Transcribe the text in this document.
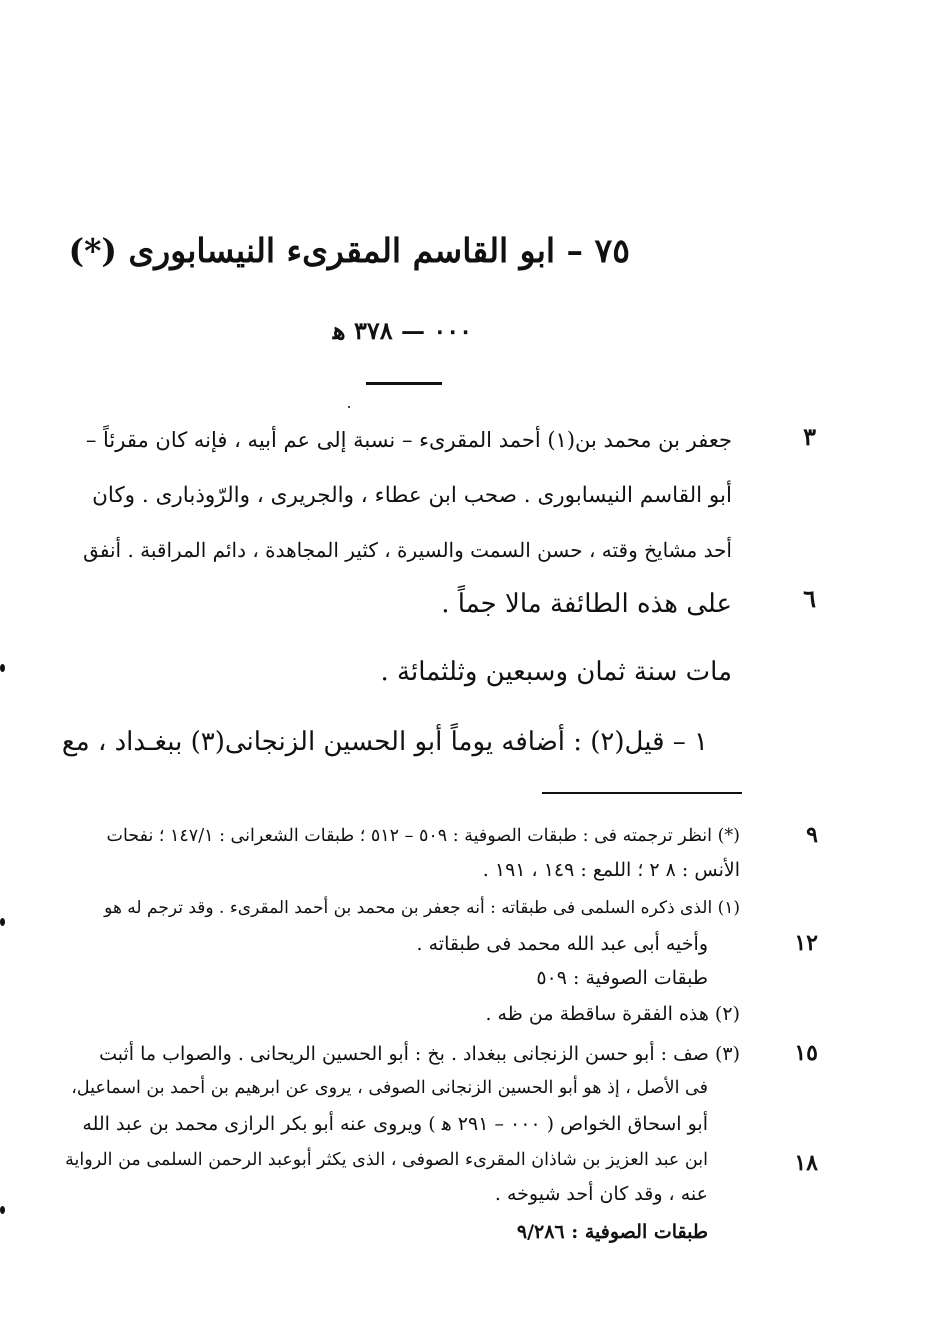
٧٥ – ابو القاسم المقرىء النيسابورى (*)
٠٠٠ — ٣٧٨ ﻫ
٣
٦
جعفر بن محمد بن(١) أحمد المقرىء – نسبة إلى عم أبيه ، فإنه كان مقرئاً –
أبو القاسم النيسابورى . صحب ابن عطاء ، والجريرى ، والرّوذبارى . وكان
أحد مشايخ وقته ، حسن السمت والسيرة ، كثير المجاهدة ، دائم المراقبة . أنفق
على هذه الطائفة مالا جماً .
مات سنة ثمان وسبعين وثلثمائة .
١ – قيل(٢) : أضافه يوماً أبو الحسين الزنجانى(٣) ببغـداد ، مع
٩
١٢
١٥
١٨
(*) انظر ترجمته فى : طبقات الصوفية : ٥٠٩ – ٥١٢ ؛ طبقات الشعرانى : ١٤٧/١ ؛ نفحات
الأنس : ٨ ٢ ؛ اللمع : ١٤٩ ، ١٩١ .
(١) الذى ذكره السلمى فى طبقاته : أنه جعفر بن محمد بن أحمد المقرىء . وقد ترجم له هو
وأخيه أبى عبد الله محمد فى طبقاته .
طبقات الصوفية : ٥٠٩
(٢) هذه الفقرة ساقطة من ظه .
(٣) صف : أبو حسن الزنجانى ببغداد . بخ : أبو الحسين الريحانى . والصواب ما أثبت
فى الأصل ، إذ هو أبو الحسين الزنجانى الصوفى ، يروى عن ابرهيم بن أحمد بن اسماعيل،
أبو اسحاق الخواص ( ٠٠٠ – ٢٩١ ﻫ ) ويروى عنه أبو بكر الرازى محمد بن عبد الله
ابن عبد العزيز بن شاذان المقرىء الصوفى ، الذى يكثر أبوعبد الرحمن السلمى من الرواية
عنه ، وقد كان أحد شيوخه .
طبقات الصوفية : ٩/٢٨٦
